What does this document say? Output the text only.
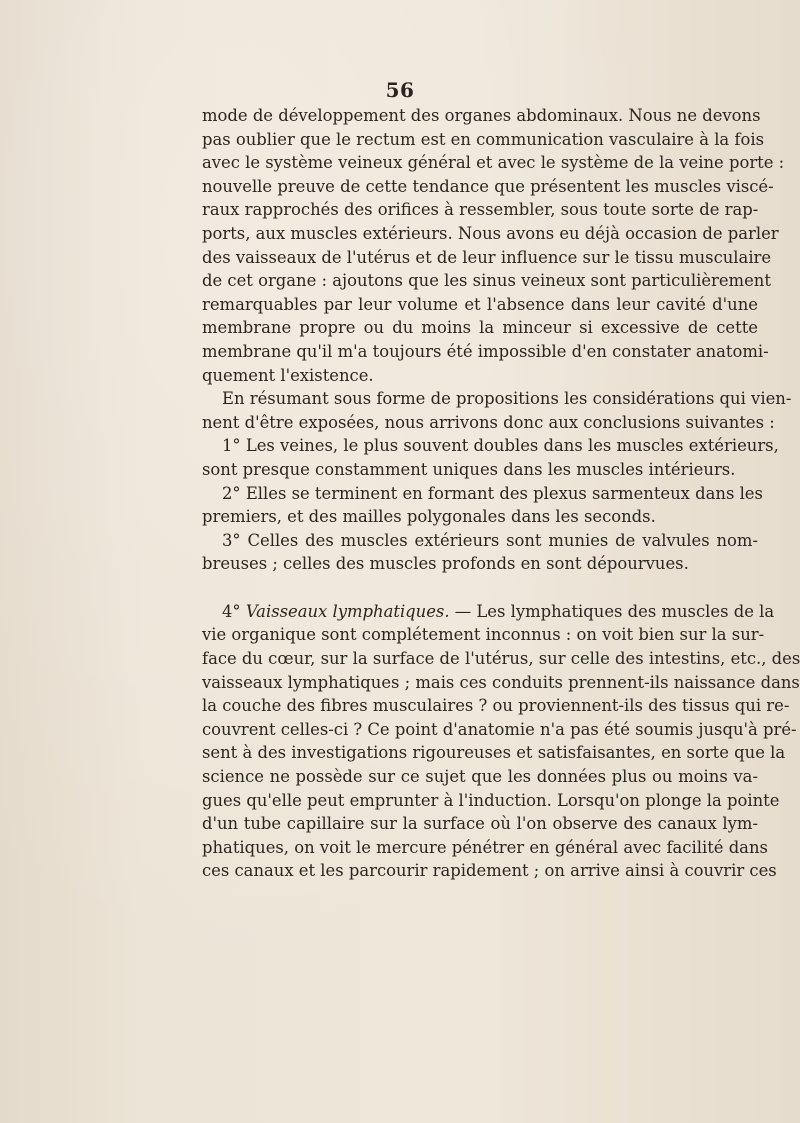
56

mode de développement des organes abdominaux. Nous ne devons
pas oublier que le rectum est en communication vasculaire à la fois
avec le système veineux général et avec le système de la veine porte :
nouvelle preuve de cette tendance que présentent les muscles viscé-
raux rapprochés des orifices à ressembler, sous toute sorte de rap-
ports, aux muscles extérieurs. Nous avons eu déjà occasion de parler
des vaisseaux de l'utérus et de leur influence sur le tissu musculaire
de cet organe : ajoutons que les sinus veineux sont particulièrement
remarquables par leur volume et l'absence dans leur cavité d'une
membrane propre ou du moins la minceur si excessive de cette
membrane qu'il m'a toujours été impossible d'en constater anatomi-
quement l'existence.

En résumant sous forme de propositions les considérations qui vien-
nent d'être exposées, nous arrivons donc aux conclusions suivantes :

1° Les veines, le plus souvent doubles dans les muscles extérieurs,
sont presque constamment uniques dans les muscles intérieurs.

2° Elles se terminent en formant des plexus sarmenteux dans les
premiers, et des mailles polygonales dans les seconds.

3° Celles des muscles extérieurs sont munies de valvules nom-
breuses ; celles des muscles profonds en sont dépourvues.

4° Vaisseaux lymphatiques. — Les lymphatiques des muscles de la
vie organique sont complétement inconnus : on voit bien sur la sur-
face du cœur, sur la surface de l'utérus, sur celle des intestins, etc., des
vaisseaux lymphatiques ; mais ces conduits prennent-ils naissance dans
la couche des fibres musculaires ? ou proviennent-ils des tissus qui re-
couvrent celles-ci ? Ce point d'anatomie n'a pas été soumis jusqu'à pré-
sent à des investigations rigoureuses et satisfaisantes, en sorte que la
science ne possède sur ce sujet que les données plus ou moins va-
gues qu'elle peut emprunter à l'induction. Lorsqu'on plonge la pointe
d'un tube capillaire sur la surface où l'on observe des canaux lym-
phatiques, on voit le mercure pénétrer en général avec facilité dans
ces canaux et les parcourir rapidement ; on arrive ainsi à couvrir ces
